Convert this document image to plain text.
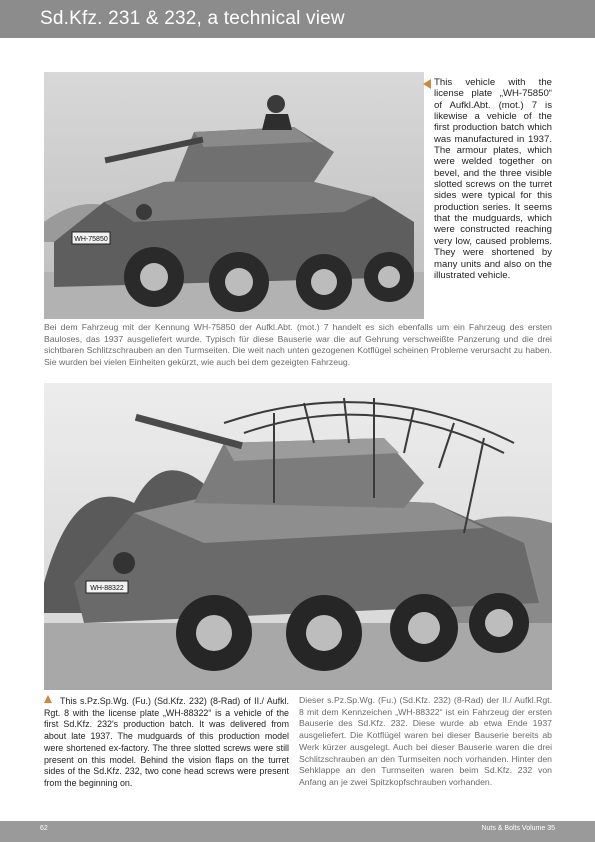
Sd.Kfz. 231 & 232, a technical view
WH-75850
This vehicle with the license plate „WH-75850“ of Aufkl.Abt. (mot.) 7 is likewise a vehicle of the first production batch which was manufactured in 1937. The armour plates, which were welded together on bevel, and the three visible slotted screws on the turret sides were typical for this production series. It seems that the mudguards, which were constructed reaching very low, caused problems. They were shortened by many units and also on the illustrated vehicle.
Bei dem Fahrzeug mit der Kennung WH-75850 der Aufkl.Abt. (mot.) 7 handelt es sich ebenfalls um ein Fahrzeug des ersten Bauloses, das 1937 ausgeliefert wurde. Typisch für diese Bauserie war die auf Gehrung verschweißte Panzerung und die drei sichtbaren Schlitzschrauben an den Turmseiten. Die weit nach unten gezogenen Kotflügel scheinen Probleme verursacht zu haben. Sie wurden bei vielen Einheiten gekürzt, wie auch bei dem gezeigten Fahrzeug.
WH-88322
This s.Pz.Sp.Wg. (Fu.) (Sd.Kfz. 232) (8-Rad) of II./ Aufkl. Rgt. 8 with the license plate „WH-88322“ is a vehicle of the first Sd.Kfz. 232's production batch. It was delivered from about late 1937. The mudguards of this production model were shortened ex-factory. The three slotted screws were still present on this model. Behind the vision flaps on the turret sides of the Sd.Kfz. 232, two cone head screws were present from the beginning on.
Dieser s.Pz.Sp.Wg. (Fu.) (Sd.Kfz. 232) (8-Rad) der II./ Aufkl.Rgt. 8 mit dem Kennzeichen „WH-88322“ ist ein Fahrzeug der ersten Bauserie des Sd.Kfz. 232. Diese wurde ab etwa Ende 1937 ausgeliefert. Die Kotflügel waren bei dieser Bauserie bereits ab Werk kürzer ausgelegt. Auch bei dieser Bauserie waren die drei Schlitzschrauben an den Turmseiten noch vorhanden. Hinter den Sehklappe an den Turmseiten waren beim Sd.Kfz. 232 von Anfang an je zwei Spitzkopfschrauben vorhanden.
62	Nuts & Bolts Volume 35
